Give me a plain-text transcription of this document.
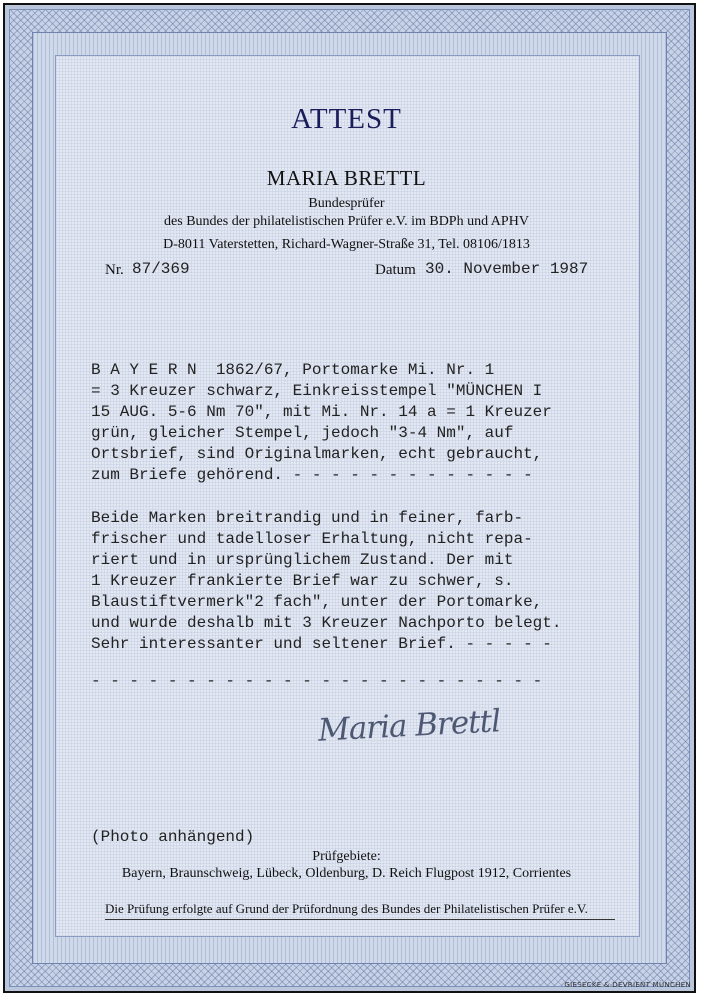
ATTEST
MARIA BRETTL
Bundesprüfer
des Bundes der philatelistischen Prüfer e.V. im BDPh und APHV
D-8011 Vaterstetten, Richard-Wagner-Straße 31, Tel. 08106/1813
Nr. 87/369	Datum 30. November 1987
B A Y E R N  1862/67, Portomarke Mi. Nr. 1
= 3 Kreuzer schwarz, Einkreisstempel "MÜNCHEN I
15 AUG. 5-6 Nm 70", mit Mi. Nr. 14 a = 1 Kreuzer
grün, gleicher Stempel, jedoch "3-4 Nm", auf
Ortsbrief, sind Originalmarken, echt gebraucht,
zum Briefe gehörend. - - - - - - - - - - - - -
Beide Marken breitrandig und in feiner, farb-
frischer und tadelloser Erhaltung, nicht repa-
riert und in ursprünglichem Zustand. Der mit
1 Kreuzer frankierte Brief war zu schwer, s.
Blaustiftvermerk"2 fach", unter der Portomarke,
und wurde deshalb mit 3 Kreuzer Nachporto belegt.
Sehr interessanter und seltener Brief. - - - - -
- - - - - - - - - - - - - - - - - - - - - - - -
Maria Brettl
(Photo anhängend)
Prüfgebiete:
Bayern, Braunschweig, Lübeck, Oldenburg, D. Reich Flugpost 1912, Corrientes
Die Prüfung erfolgte auf Grund der Prüfordnung des Bundes der Philatelistischen Prüfer e.V.
GIESECKE & DEVRIENT MÜNCHEN
